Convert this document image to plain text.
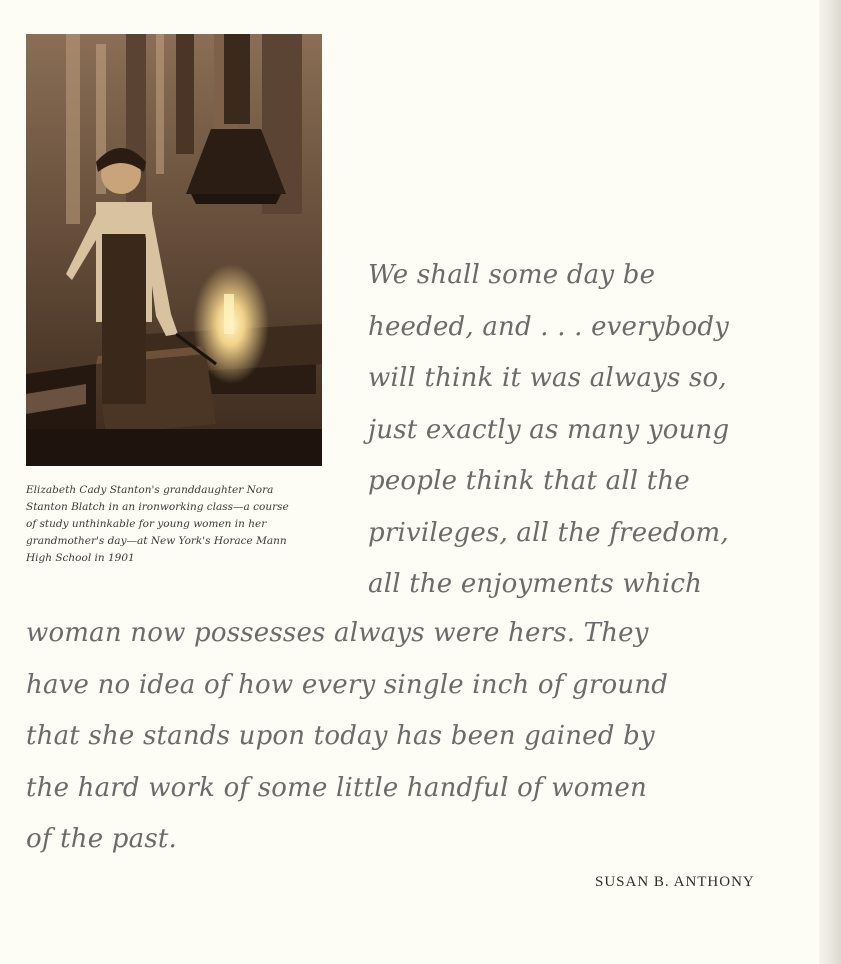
Elizabeth Cady Stanton's granddaughter Nora
Stanton Blatch in an ironworking class—a course
of study unthinkable for young women in her
grandmother's day—at New York's Horace Mann
High School in 1901
We shall some day be
heeded, and . . . everybody
will think it was always so,
just exactly as many young
people think that all the
privileges, all the freedom,
all the enjoyments which
woman now possesses always were hers. They
have no idea of how every single inch of ground
that she stands upon today has been gained by
the hard work of some little handful of women
of the past.
SUSAN B. ANTHONY
